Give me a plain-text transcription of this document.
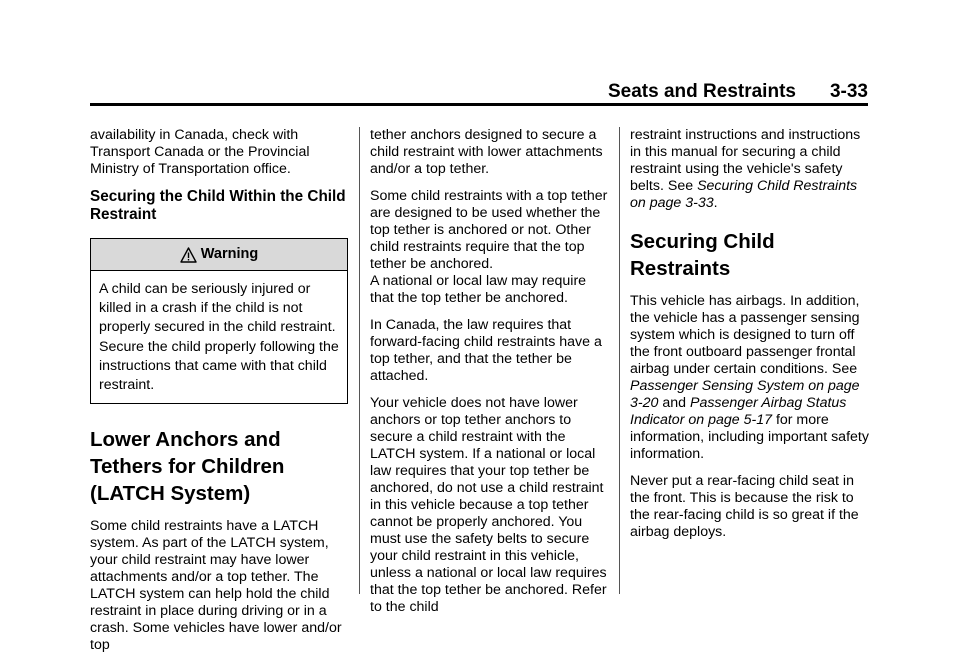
Seats and Restraints 3-33

availability in Canada, check with Transport Canada or the Provincial Ministry of Transportation office.

Securing the Child Within the Child Restraint
Warning
A child can be seriously injured or killed in a crash if the child is not properly secured in the child restraint. Secure the child properly following the instructions that came with that child restraint.
Lower Anchors and Tethers for Children (LATCH System)

Some child restraints have a LATCH system. As part of the LATCH system, your child restraint may have lower attachments and/or a top tether. The LATCH system can help hold the child restraint in place during driving or in a crash. Some vehicles have lower and/or top

tether anchors designed to secure a child restraint with lower attachments and/or a top tether.

Some child restraints with a top tether are designed to be used whether the top tether is anchored or not. Other child restraints require that the top tether be anchored.
A national or local law may require that the top tether be anchored.

In Canada, the law requires that forward-facing child restraints have a top tether, and that the tether be attached.

Your vehicle does not have lower anchors or top tether anchors to secure a child restraint with the LATCH system. If a national or local law requires that your top tether be anchored, do not use a child restraint in this vehicle because a top tether cannot be properly anchored. You must use the safety belts to secure your child restraint in this vehicle, unless a national or local law requires that the top tether be anchored. Refer to the child

restraint instructions and instructions in this manual for securing a child restraint using the vehicle's safety belts. See Securing Child Restraints on page 3-33.

Securing Child Restraints

This vehicle has airbags. In addition, the vehicle has a passenger sensing system which is designed to turn off the front outboard passenger frontal airbag under certain conditions. See Passenger Sensing System on page 3-20 and Passenger Airbag Status Indicator on page 5-17 for more information, including important safety information.

Never put a rear-facing child seat in the front. This is because the risk to the rear-facing child is so great if the airbag deploys.
